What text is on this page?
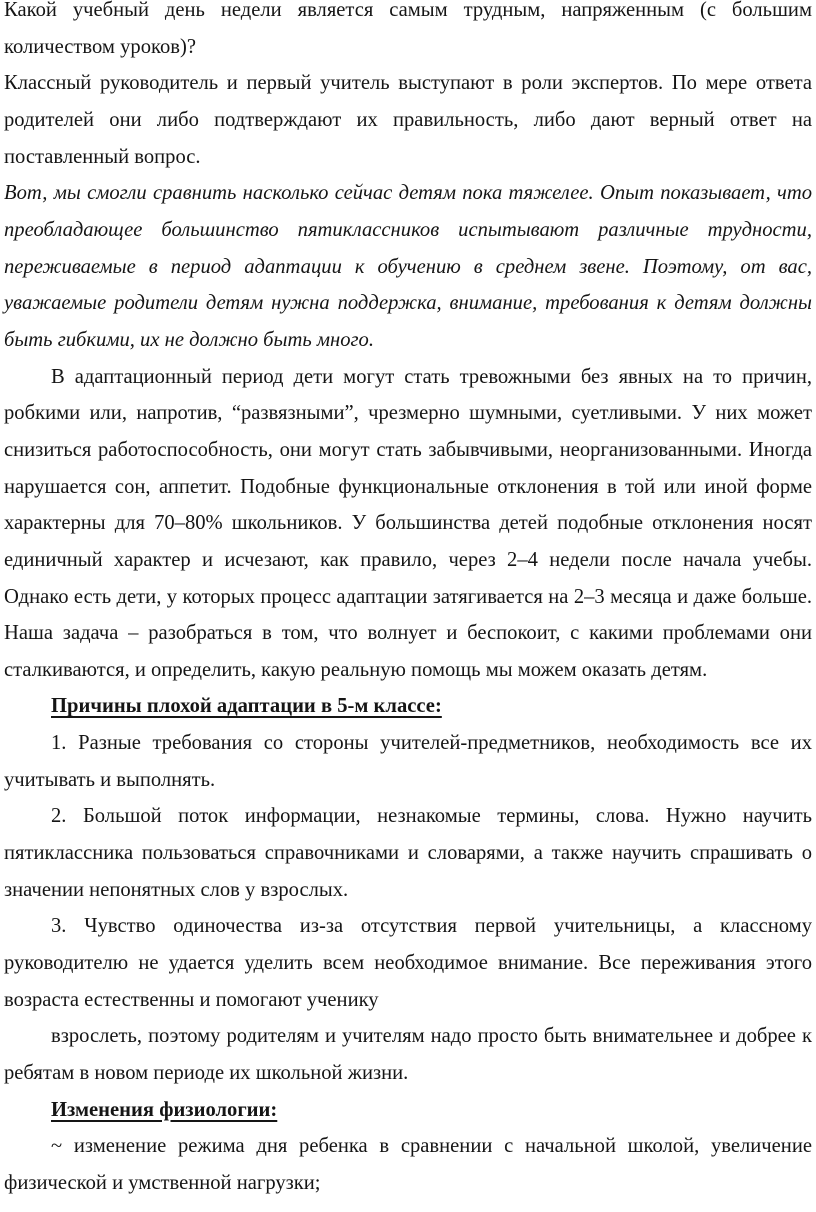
Какой учебный день недели является самым трудным, напряженным (с большим количеством уроков)?

Классный руководитель и первый учитель выступают в роли экспертов. По мере ответа родителей они либо подтверждают их правильность, либо дают верный ответ на поставленный вопрос.

Вот, мы смогли сравнить насколько сейчас детям пока тяжелее. Опыт показывает, что преобладающее большинство пятиклассников испытывают различные трудности, переживаемые в период адаптации к обучению в среднем звене. Поэтому, от вас, уважаемые родители детям нужна поддержка, внимание, требования к детям должны быть гибкими, их не должно быть много.

В адаптационный период дети могут стать тревожными без явных на то причин, робкими или, напротив, “развязными”, чрезмерно шумными, суетливыми. У них может снизиться работоспособность, они могут стать забывчивыми, неорганизованными. Иногда нарушается сон, аппетит. Подобные функциональные отклонения в той или иной форме характерны для 70–80% школьников. У большинства детей подобные отклонения носят единичный характер и исчезают, как правило, через 2–4 недели после начала учебы. Однако есть дети, у которых процесс адаптации затягивается на 2–3 месяца и даже больше. Наша задача – разобраться в том, что волнует и беспокоит, с какими проблемами они сталкиваются, и определить, какую реальную помощь мы можем оказать детям.

Причины плохой адаптации в 5-м классе:

1. Разные требования со стороны учителей-предметников, необходимость все их учитывать и выполнять.

2. Большой поток информации, незнакомые термины, слова. Нужно научить пятиклассника пользоваться справочниками и словарями, а также научить спрашивать о значении непонятных слов у взрослых.

3. Чувство одиночества из-за отсутствия первой учительницы, а классному руководителю не удается уделить всем необходимое внимание. Все переживания этого возраста естественны и помогают ученику

взрослеть, поэтому родителям и учителям надо просто быть внимательнее и добрее к ребятам в новом периоде их школьной жизни.

Изменения физиологии:

~ изменение режима дня ребенка в сравнении с начальной школой, увеличение физической и умственной нагрузки;
